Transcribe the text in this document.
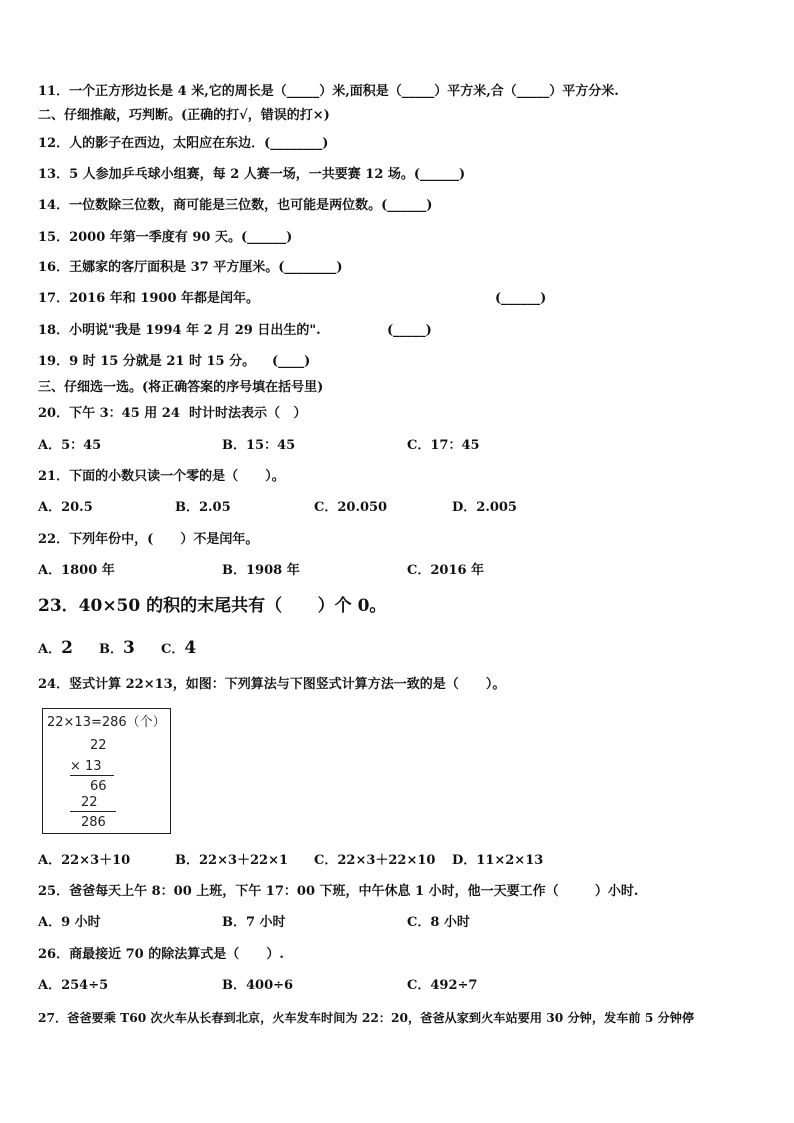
11．一个正方形边长是 4 米,它的周长是（_____）米,面积是（_____）平方米,合（_____）平方分米.
二、仔细推敲，巧判断。(正确的打√，错误的打×)
12．人的影子在西边，太阳应在东边．(________)
13．5 人参加乒乓球小组赛，每 2 人赛一场，一共要赛 12 场。(______)
14．一位数除三位数，商可能是三位数，也可能是两位数。(______)
15．2000 年第一季度有 90 天。(______)
16．王娜家的客厅面积是 37 平方厘米。(________)
17．2016 年和 1900 年都是闰年。	(______)
18．小明说"我是 1994 年 2 月 29 日出生的".	(_____)
19．9 时 15 分就是 21 时 15 分。 (____)
三、仔细选一选。(将正确答案的序号填在括号里)
20．下午 3：45 用 24  时计时法表示（   ）
A．5：45	B．15：45	C．17：45
21．下面的小数只读一个零的是（      ）。
A．20.5	B．2.05	C．20.050	D．2.005
22．下列年份中，(      ）不是闰年。
A．1800 年	B．1908 年	C．2016 年
23．40×50 的积的末尾共有（      ）个 0。
A．2 B．3 C．4
24．竖式计算 22×13，如图：下列算法与下图竖式计算方法一致的是（      ）。
22×13=286（个）
22
× 13
66
22
286
A．22×3＋10	B．22×3＋22×1 C．22×3＋22×10 D．11×2×13
25．爸爸每天上午 8：00 上班，下午 17：00 下班，中午休息 1 小时，他一天要工作（        ）小时.
A．9 小时	B．7 小时	C．8 小时
26．商最接近 70 的除法算式是（      ）.
A．254÷5	B．400÷6	C．492÷7
27．爸爸要乘 T60 次火车从长春到北京，火车发车时间为 22：20，爸爸从家到火车站要用 30 分钟，发车前 5 分钟停
